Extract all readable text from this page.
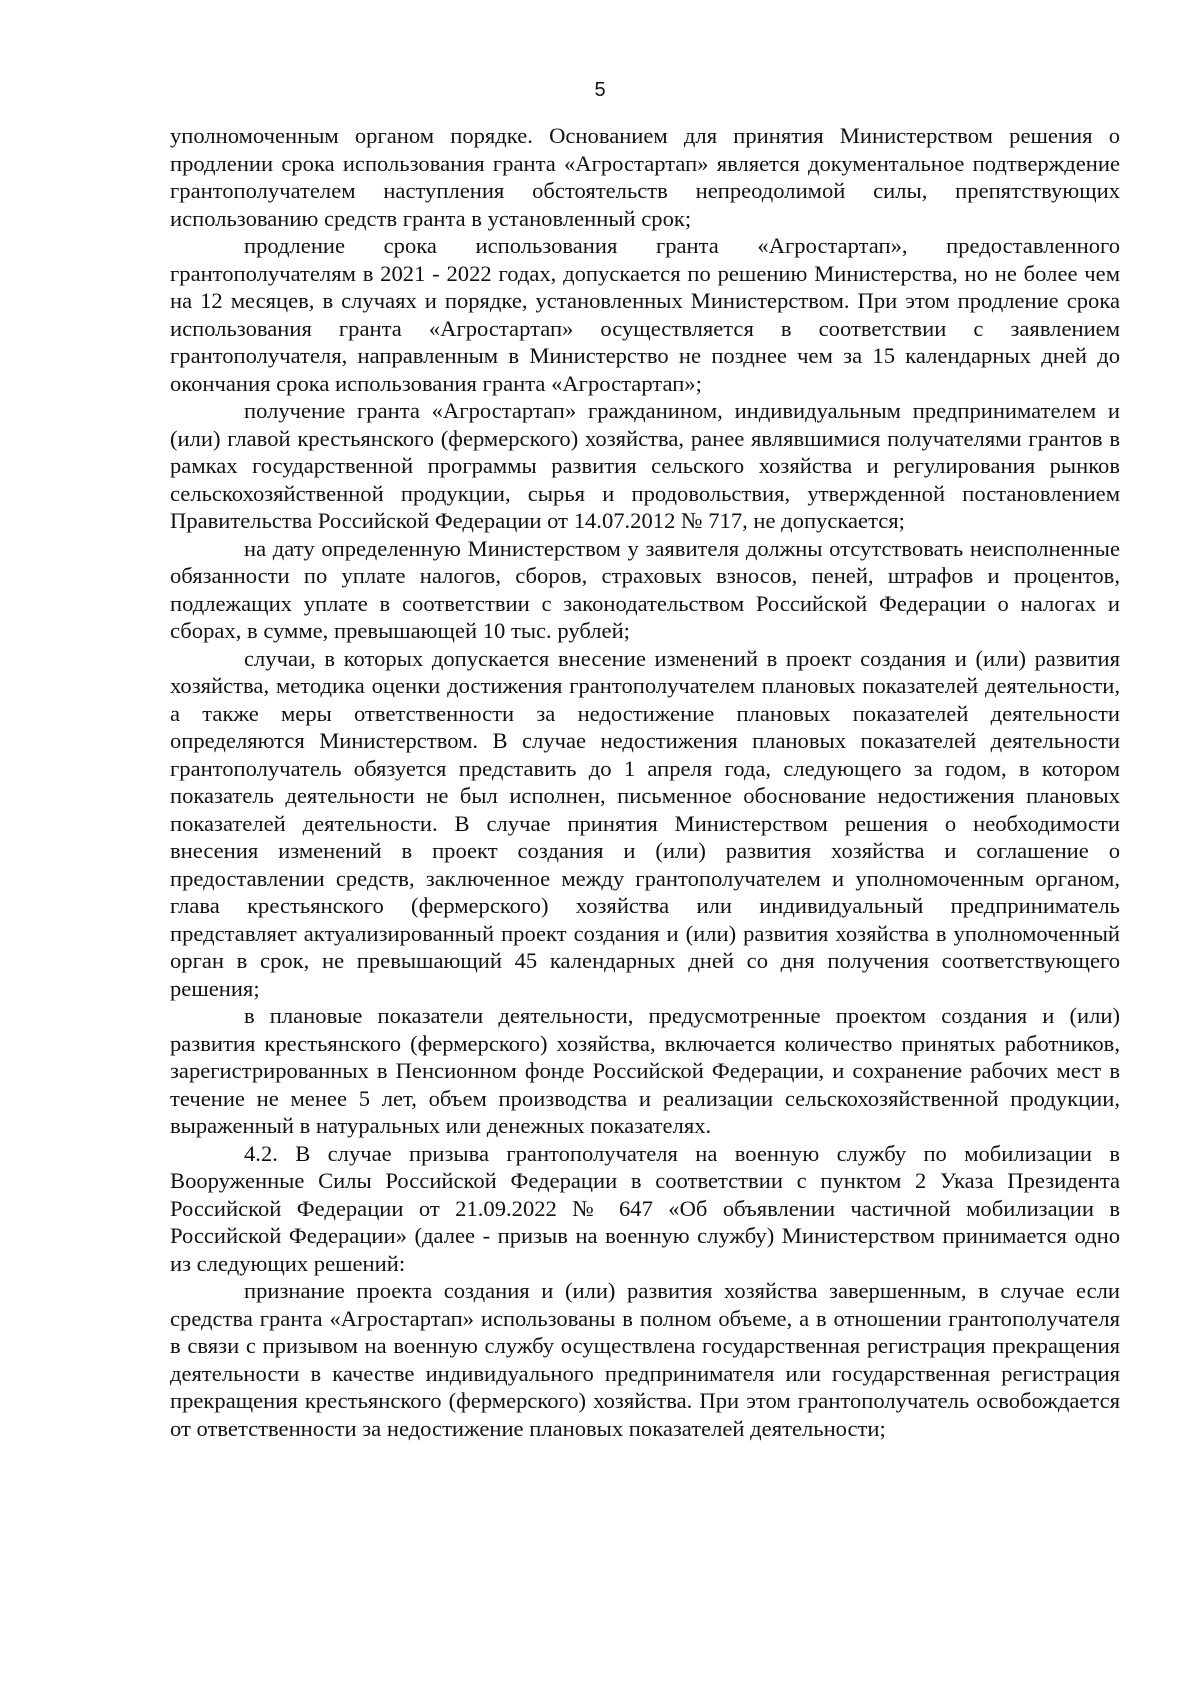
5

уполномоченным органом порядке. Основанием для принятия Министерством решения о продлении срока использования гранта «Агростартап» является документальное подтверждение грантополучателем наступления обстоятельств непреодолимой силы, препятствующих использованию средств гранта в установленный срок;

продление срока использования гранта «Агростартап», предоставленного грантополучателям в 2021 - 2022 годах, допускается по решению Министерства, но не более чем на 12 месяцев, в случаях и порядке, установленных Министерством. При этом продление срока использования гранта «Агростартап» осуществляется в соответствии с заявлением грантополучателя, направленным в Министерство не позднее чем за 15 календарных дней до окончания срока использования гранта «Агростартап»;

получение гранта «Агростартап» гражданином, индивидуальным предпринимателем и (или) главой крестьянского (фермерского) хозяйства, ранее являвшимися получателями грантов в рамках государственной программы развития сельского хозяйства и регулирования рынков сельскохозяйственной продукции, сырья и продовольствия, утвержденной постановлением Правительства Российской Федерации от 14.07.2012 № 717, не допускается;

на дату определенную Министерством у заявителя должны отсутствовать неисполненные обязанности по уплате налогов, сборов, страховых взносов, пеней, штрафов и процентов, подлежащих уплате в соответствии с законодательством Российской Федерации о налогах и сборах, в сумме, превышающей 10 тыс. рублей;

случаи, в которых допускается внесение изменений в проект создания и (или) развития хозяйства, методика оценки достижения грантополучателем плановых показателей деятельности, а также меры ответственности за недостижение плановых показателей деятельности определяются Министерством. В случае недостижения плановых показателей деятельности грантополучатель обязуется представить до 1 апреля года, следующего за годом, в котором показатель деятельности не был исполнен, письменное обоснование недостижения плановых показателей деятельности. В случае принятия Министерством решения о необходимости внесения изменений в проект создания и (или) развития хозяйства и соглашение о предоставлении средств, заключенное между грантополучателем и уполномоченным органом, глава крестьянского (фермерского) хозяйства или индивидуальный предприниматель представляет актуализированный проект создания и (или) развития хозяйства в уполномоченный орган в срок, не превышающий 45 календарных дней со дня получения соответствующего решения;

в плановые показатели деятельности, предусмотренные проектом создания и (или) развития крестьянского (фермерского) хозяйства, включается количество принятых работников, зарегистрированных в Пенсионном фонде Российской Федерации, и сохранение рабочих мест в течение не менее 5 лет, объем производства и реализации сельскохозяйственной продукции, выраженный в натуральных или денежных показателях.

4.2. В случае призыва грантополучателя на военную службу по мобилизации в Вооруженные Силы Российской Федерации в соответствии с пунктом 2 Указа Президента Российской Федерации от 21.09.2022 № 647 «Об объявлении частичной мобилизации в Российской Федерации» (далее - призыв на военную службу) Министерством принимается одно из следующих решений:

признание проекта создания и (или) развития хозяйства завершенным, в случае если средства гранта «Агростартап» использованы в полном объеме, а в отношении грантополучателя в связи с призывом на военную службу осуществлена государственная регистрация прекращения деятельности в качестве индивидуального предпринимателя или государственная регистрация прекращения крестьянского (фермерского) хозяйства. При этом грантополучатель освобождается от ответственности за недостижение плановых показателей деятельности;
